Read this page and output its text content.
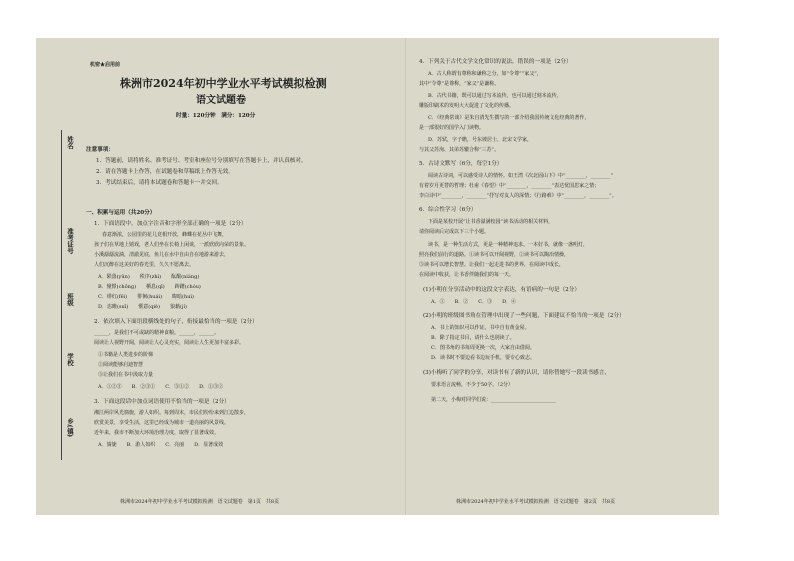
姓名
准考证号
班级
学校
乡(镇)
机密★启用前
株洲市2024年初中学业水平考试模拟检测
语文试题卷
时量：120分钟　满分：120分
注意事项：
1．答题前，请将姓名、准考证号、考室和座位号分别填写在答题卡上，并认真核对。
2．请在答题卡上作答，在试题卷和草稿纸上作答无效。
3．考试结束后，请将本试题卷和答题卡一并交回。
一、积累与运用（共20分）
1．下面语段中，加点字注音和字形全部正确的一项是（2分）
春意渐浓，公园里的花儿竞相开放，蜂蝶在花丛中飞舞，
孩子们在草地上嬉戏，老人们坐在长椅上闲谈，一派欣欣向荣的景象。
小溪潺潺流淌，清澈见底，鱼儿在水中自由自在地游来游去，
人们沉醉在这美好的春光里，久久不愿离去。
A．陨落(yǔn)　　秩序(zhì)　　酝酿(niàng)
B．憧憬(chōng)　　栖息(qī)　　踌躇(chóu)
C．绯红(fēi)　　徘徊(huái)　　晦暗(huì)
D．恣睢(suī)　　惬意(qiè)　　狼藉(jí)
2．依次填入下面语段横线处的句子，衔接最恰当的一项是（2分）
______，是我们不可或缺的精神食粮。______，______。
阅读让人视野开阔，阅读让人心灵充实，阅读让人生更加丰富多彩。
①书籍是人类进步的阶梯
②阅读能够启迪智慧
③让我们在书中汲取力量
A．①②③　　B．②③①　　C．③①②　　D．①③②
3．下面这段话中加点词语使用不恰当的一项是（2分）
湘江两岸风光旖旎，游人如织。每到周末，市民们纷纷来到江边散步，
欣赏美景，享受生活，这里已经成为城市一道亮丽的风景线。
近年来，我市不断加大环境治理力度，取得了显著成效。
A．旖旎　　B．游人如织　　C．亮丽　　D．显著成效
株洲市2024年初中学业水平考试模拟检测　语文试题卷　第1页　共8页
4．下列关于古代文学文化常识的说法，错误的一项是（2分）
A．古人称谓有尊称和谦称之分，如“令尊”“家父”，
其中“令尊”是尊称，“家父”是谦称。
B．古代书籍，既可以通过写本流传，也可以通过刻本流传，
雕版印刷术的发明大大促进了文化的传播。
C．《经典常谈》是朱自清先生撰写的一部介绍我国传统文化经典的著作，
是一部很好的国学入门读物。
D．苏轼，字子瞻，号东坡居士，北宋文学家，
与其父苏洵、其弟苏辙合称“三苏”。
5．古诗文默写（6分，每空1分）
阅读古诗词，可以感受诗人的情怀。如王湾《次北固山下》中“________，________”
有着岁月更替的哲理；杜甫《春望》中“________，________”表达忧国思家之情；
李白诗中“________，________”抒写对友人的深情；《行路难》中“________，________”。
6．综合性学习（6分）
下面是某校开展“让书香溢满校园”读书活动的相关材料，
请你阅读后完成以下三个小题。
读书，是一种生活方式，更是一种精神追求。一本好书，就像一盏明灯，
照亮我们前行的道路。①读书可以开阔视野，②读书可以陶冶情操，
③读书可以增长智慧。让我们一起走进书的世界，在阅读中成长，
在阅读中收获，让书香伴随我们的每一天。
(1)小明在分享活动中的这段文字表达，有语病的一句是（2分）
A．①　　B．②　　C．③　　D．④
(2)小明的班级图书角在管理中出现了一些问题，下面建议不恰当的一项是（2分）
A．书上的知识可以作证，书中自有黄金屋。
B．除了指定书目，请什么也别读了。
C．图书角的书每周更换一次，大家自由借阅。
D．读书时不要边看书边玩手机，要专心致志。
(3)小梅听了同学的分享，对读书有了新的认识，请你替她写一段读书感言，
要求语言流畅，不少于50字。（2分）
第二天，小梅对同学们说：__________________________
株洲市2024年初中学业水平考试模拟检测　语文试题卷　第2页　共8页
